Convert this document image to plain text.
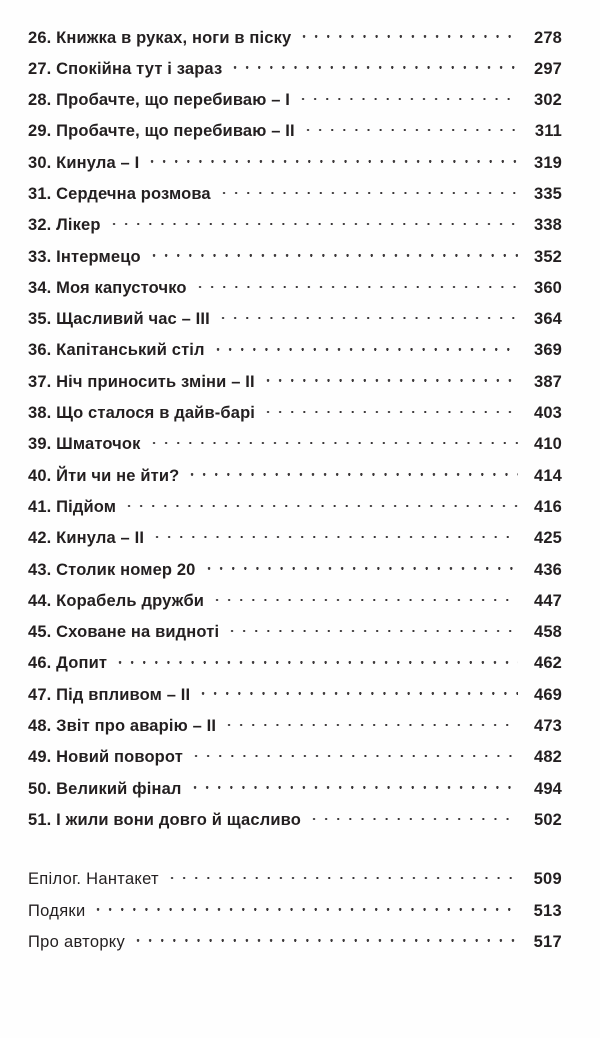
26. Книжка в руках, ноги в піску	278
27. Спокійна тут і зараз	297
28. Пробачте, що перебиваю – I	302
29. Пробачте, що перебиваю – II	311
30. Кинула – I	319
31. Сердечна розмова	335
32. Лікер	338
33. Інтермецо	352
34. Моя капусточко	360
35. Щасливий час – III	364
36. Капітанський стіл	369
37. Ніч приносить зміни – II	387
38. Що сталося в дайв-барі	403
39. Шматочок	410
40. Йти чи не йти?	414
41. Підйом	416
42. Кинула – II	425
43. Столик номер 20	436
44. Корабель дружби	447
45. Сховане на видноті	458
46. Допит	462
47. Під впливом – II	469
48. Звіт про аварію – II	473
49. Новий поворот	482
50. Великий фінал	494
51. І жили вони довго й щасливо	502
Епілог. Нантакет	509
Подяки	513
Про авторку	517
